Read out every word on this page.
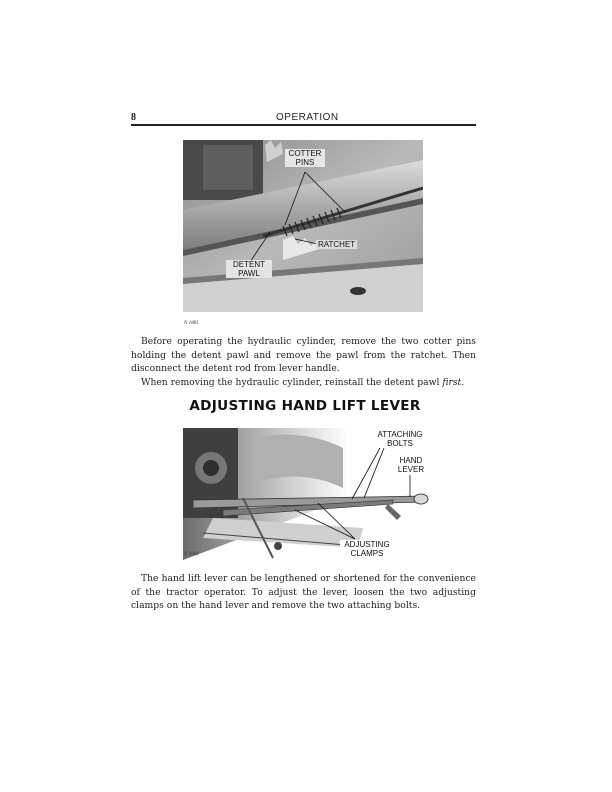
8	OPERATION
COTTER
PINS
RATCHET
DETENT
PAWL
N 1881

Before operating the hydraulic cylinder, remove the two cotter pins holding the detent pawl and remove the pawl from the ratchet. Then disconnect the detent rod from lever handle.

When removing the hydraulic cylinder, reinstall the detent pawl first.

ADJUSTING HAND LIFT LEVER
ATTACHING
BOLTS
HAND
LEVER
ADJUSTING
CLAMPS
N 4384

The hand lift lever can be lengthened or shortened for the convenience of the tractor operator. To adjust the lever, loosen the two adjusting clamps on the hand lever and remove the two attaching bolts.
